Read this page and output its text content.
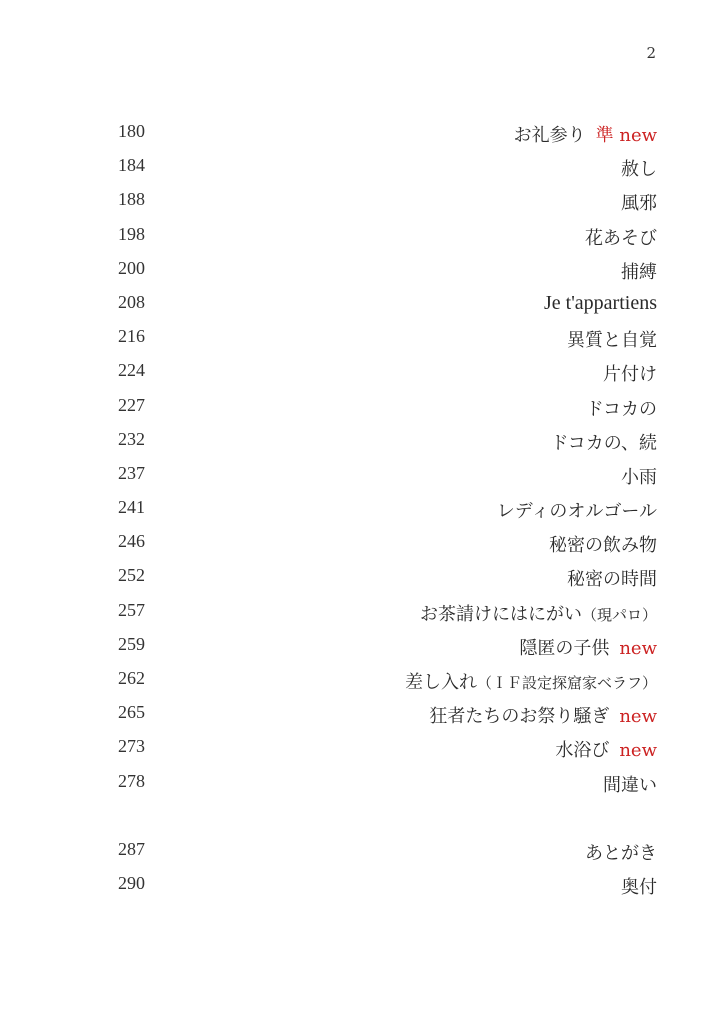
2
180	お礼参り 準 new
184	赦し
188	風邪
198	花あそび
200	捕縛
208	Je t'appartiens
216	異質と自覚
224	片付け
227	ドコカの
232	ドコカの、続
237	小雨
241	レディのオルゴール
246	秘密の飲み物
252	秘密の時間
257	お茶請けにはにがい（現パロ）
259	隠匿の子供 new
262	差し入れ（ＩＦ設定探窟家ベラフ）
265	狂者たちのお祭り騒ぎ new
273	水浴び new
278	間違い
287	あとがき
290	奥付
